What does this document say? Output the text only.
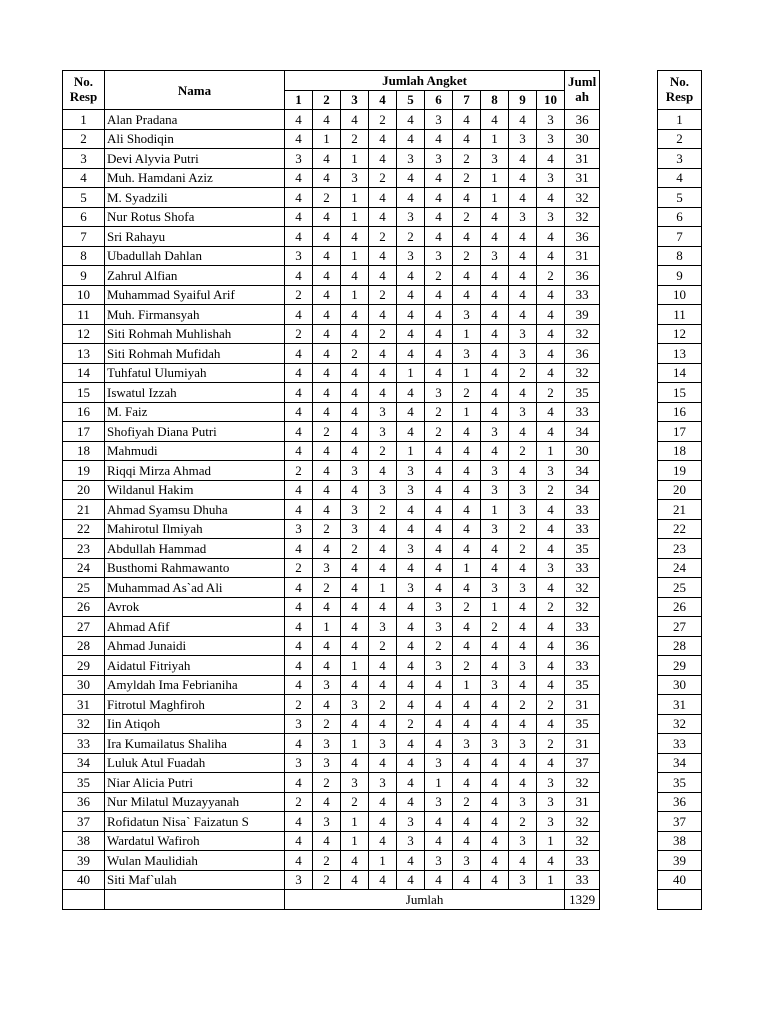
No.
Resp	Nama	Jumlah Angket										Juml
ah
		1	2	3	4	5	6	7	8	9	10	
1	Alan Pradana	4	4	4	2	4	3	4	4	4	3	36
2	Ali Shodiqin	4	1	2	4	4	4	4	1	3	3	30
3	Devi Alyvia Putri	3	4	1	4	3	3	2	3	4	4	31
4	Muh. Hamdani Aziz	4	4	3	2	4	4	2	1	4	3	31
5	M. Syadzili	4	2	1	4	4	4	4	1	4	4	32
6	Nur Rotus Shofa	4	4	1	4	3	4	2	4	3	3	32
7	Sri Rahayu	4	4	4	2	2	4	4	4	4	4	36
8	Ubadullah Dahlan	3	4	1	4	3	3	2	3	4	4	31
9	Zahrul Alfian	4	4	4	4	4	2	4	4	4	2	36
10	Muhammad Syaiful Arif	2	4	1	2	4	4	4	4	4	4	33
11	Muh. Firmansyah	4	4	4	4	4	4	3	4	4	4	39
12	Siti Rohmah Muhlishah	2	4	4	2	4	4	1	4	3	4	32
13	Siti Rohmah Mufidah	4	4	2	4	4	4	3	4	3	4	36
14	Tuhfatul Ulumiyah	4	4	4	4	1	4	1	4	2	4	32
15	Iswatul Izzah	4	4	4	4	4	3	2	4	4	2	35
16	M. Faiz	4	4	4	3	4	2	1	4	3	4	33
17	Shofiyah Diana Putri	4	2	4	3	4	2	4	3	4	4	34
18	Mahmudi	4	4	4	2	1	4	4	4	2	1	30
19	Riqqi Mirza Ahmad	2	4	3	4	3	4	4	3	4	3	34
20	Wildanul Hakim	4	4	4	3	3	4	4	3	3	2	34
21	Ahmad Syamsu Dhuha	4	4	3	2	4	4	4	1	3	4	33
22	Mahirotul Ilmiyah	3	2	3	4	4	4	4	3	2	4	33
23	Abdullah Hammad	4	4	2	4	3	4	4	4	2	4	35
24	Busthomi Rahmawanto	2	3	4	4	4	4	1	4	4	3	33
25	Muhammad As`ad Ali	4	2	4	1	3	4	4	3	3	4	32
26	Avrok	4	4	4	4	4	3	2	1	4	2	32
27	Ahmad Afif	4	1	4	3	4	3	4	2	4	4	33
28	Ahmad Junaidi	4	4	4	2	4	2	4	4	4	4	36
29	Aidatul Fitriyah	4	4	1	4	4	3	2	4	3	4	33
30	Amyldah Ima Febrianiha	4	3	4	4	4	4	1	3	4	4	35
31	Fitrotul Maghfiroh	2	4	3	2	4	4	4	4	2	2	31
32	Iin Atiqoh	3	2	4	4	2	4	4	4	4	4	35
33	Ira Kumailatus Shaliha	4	3	1	3	4	4	3	3	3	2	31
34	Luluk Atul Fuadah	3	3	4	4	4	3	4	4	4	4	37
35	Niar Alicia Putri	4	2	3	3	4	1	4	4	4	3	32
36	Nur Milatul Muzayyanah	2	4	2	4	4	3	2	4	3	3	31
37	Rofidatun Nisa` Faizatun S	4	3	1	4	3	4	4	4	2	3	32
38	Wardatul Wafiroh	4	4	1	4	3	4	4	4	3	1	32
39	Wulan Maulidiah	4	2	4	1	4	3	3	4	4	4	33
40	Siti Maf`ulah	3	2	4	4	4	4	4	4	3	1	33
		Jumlah										1329
No.
Resp
1
2
3
4
5
6
7
8
9
10
11
12
13
14
15
16
17
18
19
20
21
22
23
24
25
26
27
28
29
30
31
32
33
34
35
36
37
38
39
40
